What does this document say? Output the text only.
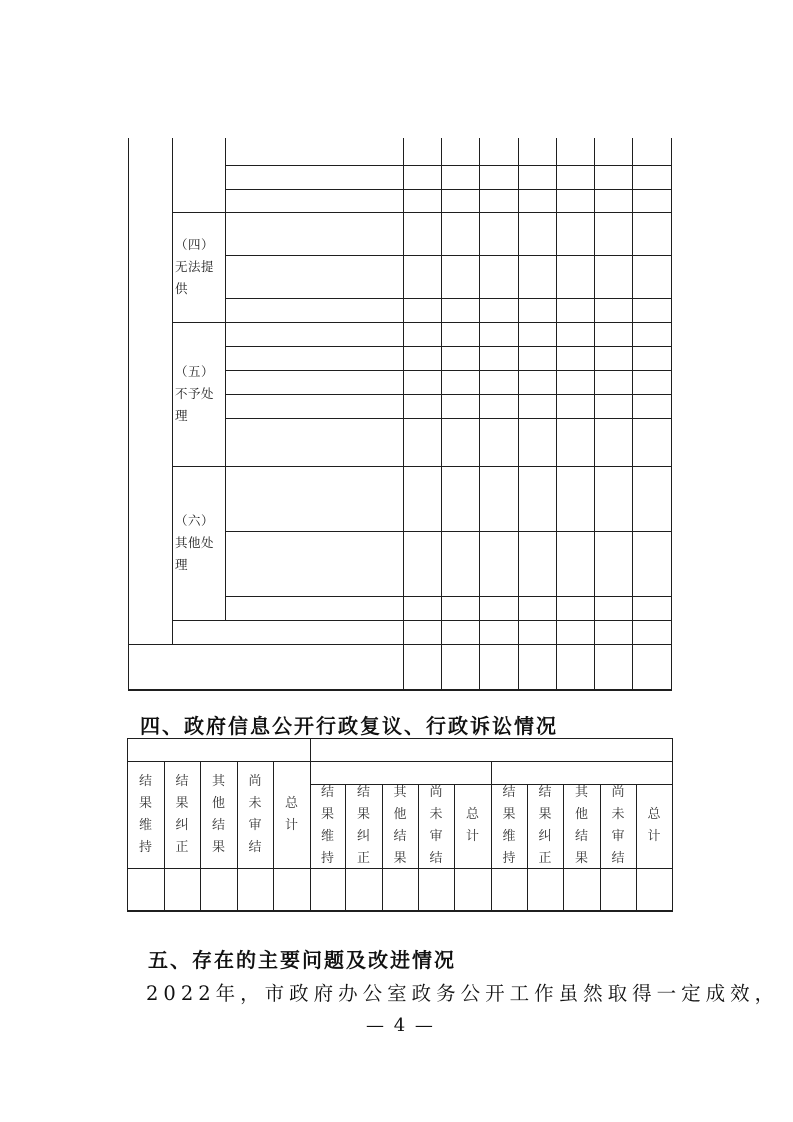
（四）
无法提
供
（五）
不予处
理
（六）
其他处
理
四、政府信息公开行政复议、行政诉讼情况
结果维持
结果纠正
其他结果
尚未审结
总计
结果维持
结果纠正
其他结果
尚未审结
总计
结果维持
结果纠正
其他结果
尚未审结
总计
五、存在的主要问题及改进情况
2022年，市政府办公室政务公开工作虽然取得一定成效，
— 4 —
